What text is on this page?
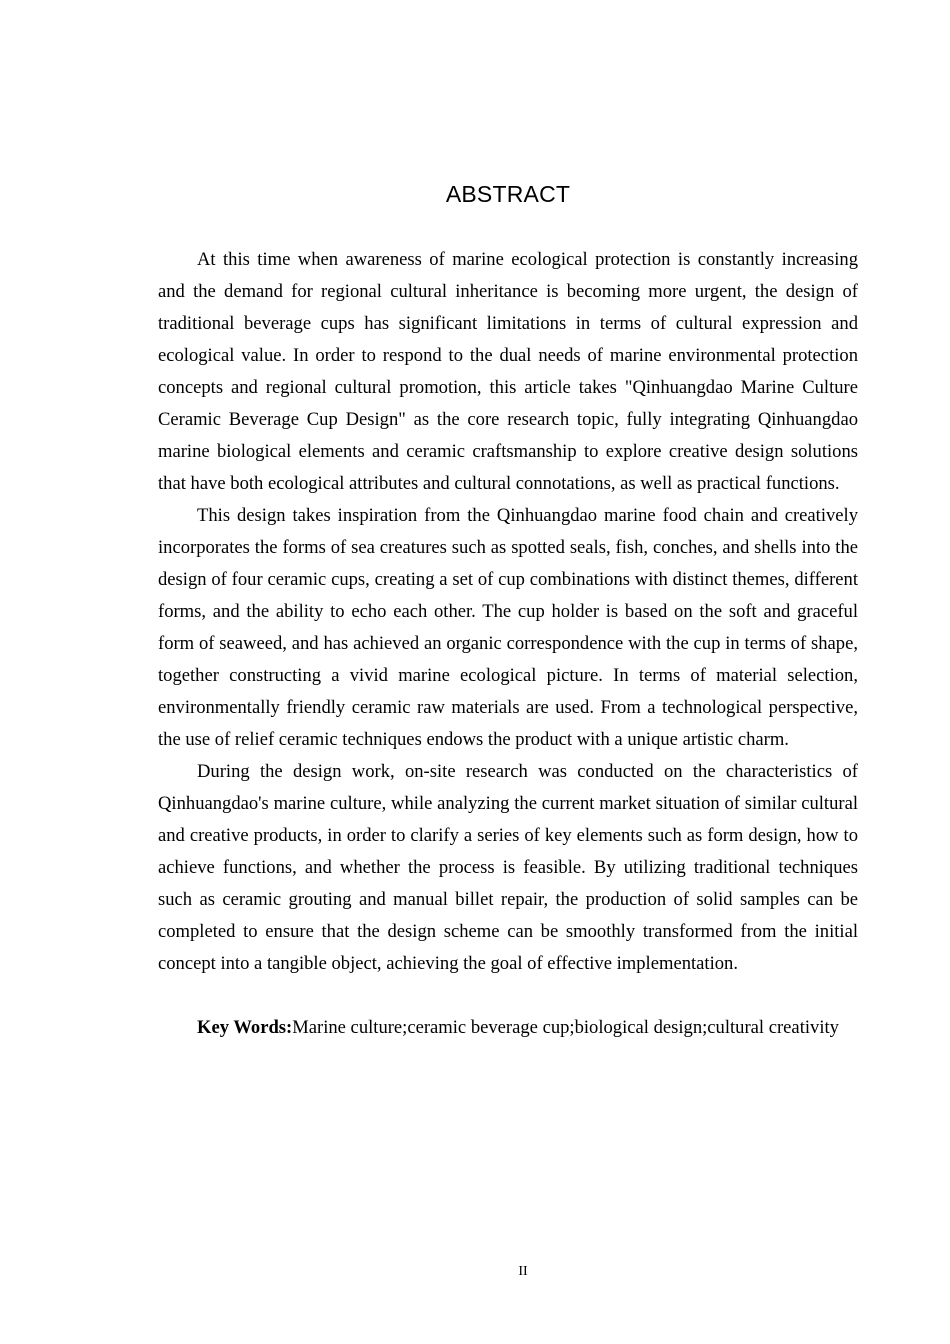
ABSTRACT

At this time when awareness of marine ecological protection is constantly increasing and the demand for regional cultural inheritance is becoming more urgent, the design of traditional beverage cups has significant limitations in terms of cultural expression and ecological value. In order to respond to the dual needs of marine environmental protection concepts and regional cultural promotion, this article takes "Qinhuangdao Marine Culture Ceramic Beverage Cup Design" as the core research topic, fully integrating Qinhuangdao marine biological elements and ceramic craftsmanship to explore creative design solutions that have both ecological attributes and cultural connotations, as well as practical functions.

This design takes inspiration from the Qinhuangdao marine food chain and creatively incorporates the forms of sea creatures such as spotted seals, fish, conches, and shells into the design of four ceramic cups, creating a set of cup combinations with distinct themes, different forms, and the ability to echo each other. The cup holder is based on the soft and graceful form of seaweed, and has achieved an organic correspondence with the cup in terms of shape, together constructing a vivid marine ecological picture. In terms of material selection, environmentally friendly ceramic raw materials are used. From a technological perspective, the use of relief ceramic techniques endows the product with a unique artistic charm.

During the design work, on-site research was conducted on the characteristics of Qinhuangdao's marine culture, while analyzing the current market situation of similar cultural and creative products, in order to clarify a series of key elements such as form design, how to achieve functions, and whether the process is feasible. By utilizing traditional techniques such as ceramic grouting and manual billet repair, the production of solid samples can be completed to ensure that the design scheme can be smoothly transformed from the initial concept into a tangible object, achieving the goal of effective implementation.

Key Words:Marine culture;ceramic beverage cup;biological design;cultural creativity

II
